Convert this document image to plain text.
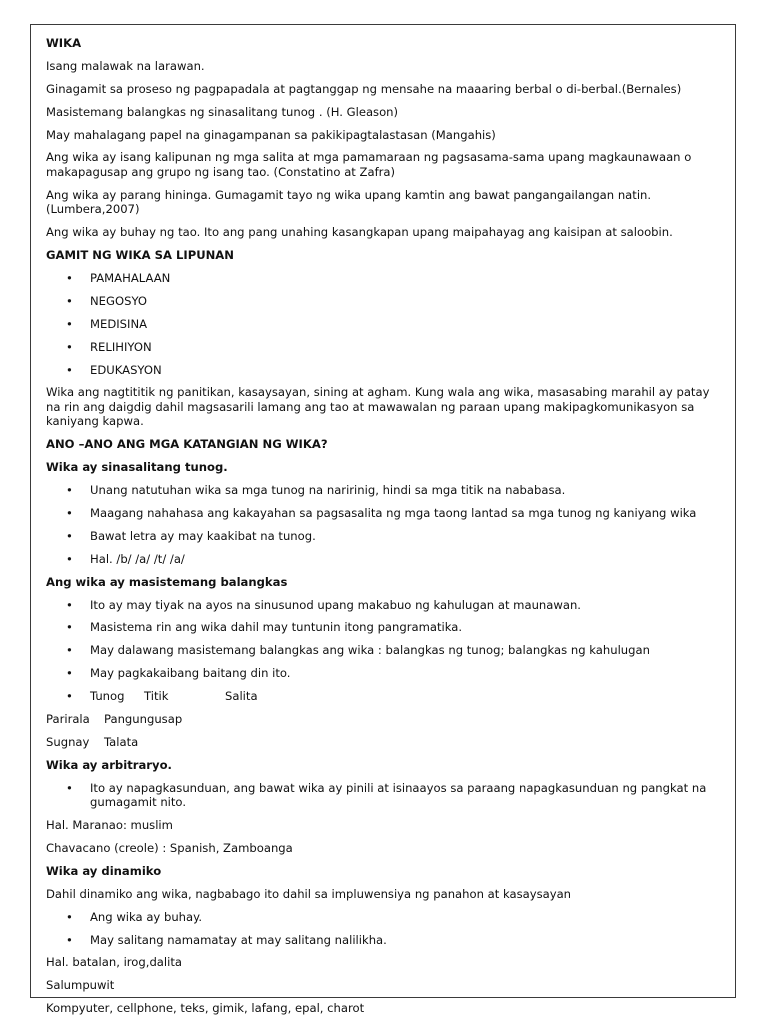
WIKA
Isang malawak na larawan.
Ginagamit sa proseso ng pagpapadala at pagtanggap ng mensahe na maaaring berbal o di-berbal.(Bernales)
Masistemang balangkas ng sinasalitang tunog . (H. Gleason)
May mahalagang papel na ginagampanan sa pakikipagtalastasan (Mangahis)
Ang wika ay isang kalipunan ng mga salita at mga pamamaraan ng pagsasama-sama upang magkaunawaan o makapagusap ang grupo ng isang tao. (Constatino at Zafra)
Ang wika ay parang hininga. Gumagamit tayo ng wika upang kamtin ang bawat pangangailangan natin. (Lumbera,2007)
Ang wika ay buhay ng tao. Ito ang pang unahing kasangkapan upang maipahayag ang kaisipan at saloobin.
GAMIT NG WIKA SA LIPUNAN
• PAMAHALAAN
• NEGOSYO
• MEDISINA
• RELIHIYON
• EDUKASYON
Wika ang nagtititik ng panitikan, kasaysayan, sining at agham. Kung wala ang wika, masasabing marahil ay patay na rin ang daigdig dahil magsasarili lamang ang tao at mawawalan ng paraan upang makipagkomunikasyon sa kaniyang kapwa.
ANO –ANO ANG MGA KATANGIAN NG WIKA?
Wika ay sinasalitang tunog.
• Unang natutuhan wika sa mga tunog na naririnig, hindi sa mga titik na nababasa.
• Maagang nahahasa ang kakayahan sa pagsasalita ng mga taong lantad sa mga tunog ng kaniyang wika
• Bawat letra ay may kaakibat na tunog.
• Hal. /b/ /a/ /t/ /a/
Ang wika ay masistemang balangkas
• Ito ay may tiyak na ayos na sinusunod upang makabuo ng kahulugan at maunawan.
• Masistema rin ang wika dahil may tuntunin itong pangramatika.
• May dalawang masistemang balangkas ang wika : balangkas ng tunog; balangkas ng kahulugan
• May pagkakaibang baitang din ito.
• Tunog Titik	Salita
Parirala Pangungusap
Sugnay Talata
Wika ay arbitraryo.
• Ito ay napagkasunduan, ang bawat wika ay pinili at isinaayos sa paraang napagkasunduan ng pangkat na gumagamit nito.
Hal. Maranao: muslim
Chavacano (creole) : Spanish, Zamboanga
Wika ay dinamiko
Dahil dinamiko ang wika, nagbabago ito dahil sa impluwensiya ng panahon at kasaysayan
• Ang wika ay buhay.
• May salitang namamatay at may salitang nalilikha.
Hal. batalan, irog,dalita
Salumpuwit
Kompyuter, cellphone, teks, gimik, lafang, epal, charot
